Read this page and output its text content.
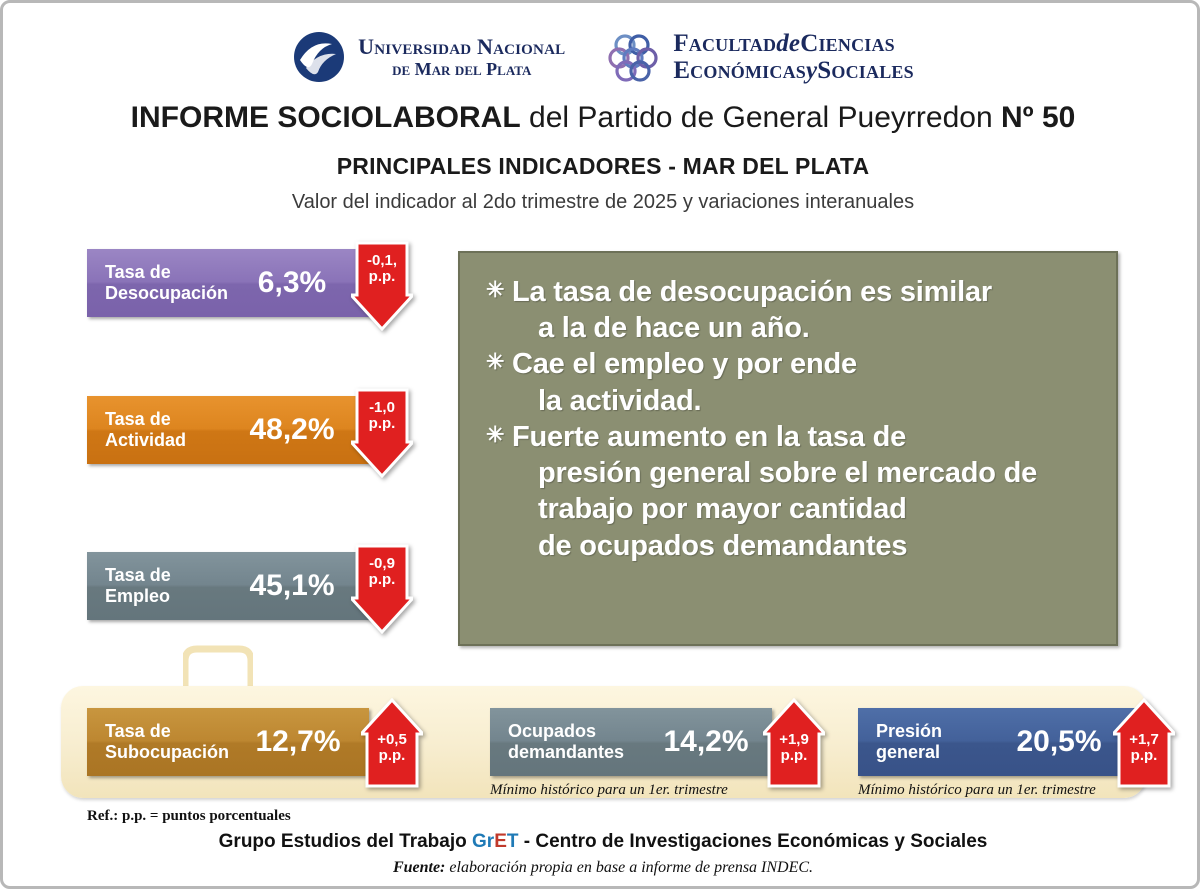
Universidad Nacional
de Mar del Plata
FacultaddeCiencias
EconómicasySociales
INFORME SOCIOLABORAL del Partido de General Pueyrredon Nº 50
PRINCIPALES INDICADORES - MAR DEL PLATA
Valor del indicador al 2do trimestre de 2025 y variaciones interanuales
Tasa de
Desocupación 6,3%
-0,1,
p.p.
Tasa de
Actividad	48,2%
-1,0
p.p.
Tasa de
Empleo	45,1%
-0,9
p.p.
✳ La tasa de desocupación es similar
a la de hace un año.
✳ Cae el empleo y por ende
la actividad.
✳ Fuerte aumento en la tasa de
presión general sobre el mercado de
trabajo por mayor cantidad
de ocupados demandantes
Tasa de
Subocupación 12,7%	+0,5
p.p.
Ocupados
demandantes	14,2%	+1,9
p.p.
Presión
general	20,5%	+1,7
p.p.
Mínimo histórico para un 1er. trimestre	Mínimo histórico para un 1er. trimestre
Ref.: p.p. = puntos porcentuales
Grupo Estudios del Trabajo GrET - Centro de Investigaciones Económicas y Sociales
Fuente: elaboración propia en base a informe de prensa INDEC.
